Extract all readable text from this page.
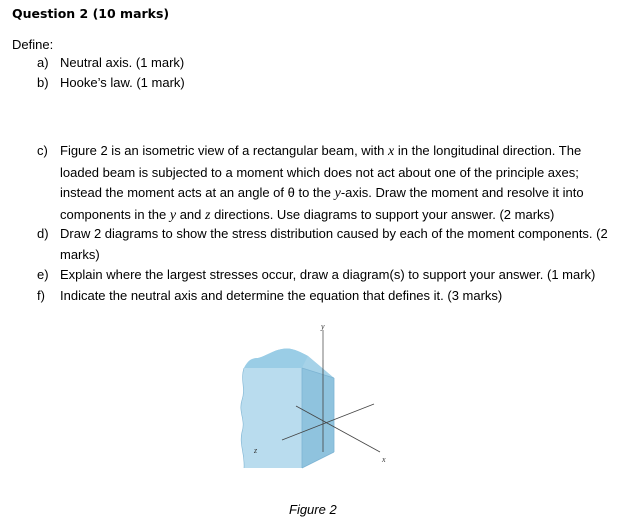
Question 2 (10 marks)
Define:
a) Neutral axis. (1 mark)
b) Hooke’s law. (1 mark)
c) Figure 2 is an isometric view of a rectangular beam, with x in the longitudinal direction. The loaded beam is subjected to a moment which does not act about one of the principle axes; instead the moment acts at an angle of θ to the y-axis. Draw the moment and resolve it into components in the y and z directions. Use diagrams to support your answer. (2 marks)
d) Draw 2 diagrams to show the stress distribution caused by each of the moment components. (2 marks)
e) Explain where the largest stresses occur, draw a diagram(s) to support your answer. (1 mark)
f)	Indicate the neutral axis and determine the equation that defines it. (3 marks)
y
z
x
Figure 2
